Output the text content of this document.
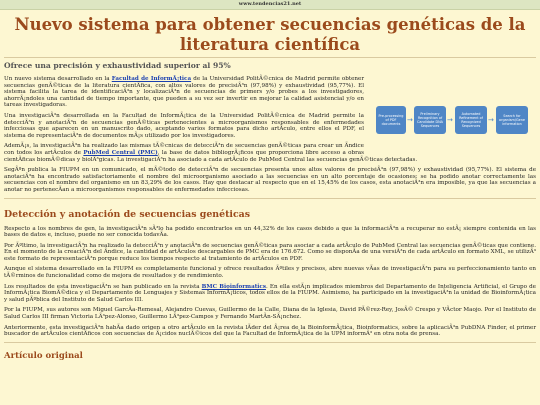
www.tendencias21.net
Nuevo sistema para obtener secuencias genéticas de la literatura científica
Ofrece una precisión y exhaustividad superior al 95%
Pre-processing of PDF documents →
Preliminary Recognition of Candidate DNA Sequences
→
Automated Refinement of Recognized Sequences
→	Search for organism/Gene information

Un nuevo sistema desarrollado en la Facultad de InformÃ¡tica de la Universidad PolitÃ©cnica de Madrid permite obtener secuencias genÃ©ticas de la literatura cientÃfica, con altos valores de precisiÃ³n (97,98%) y exhaustividad (95,77%). El sistema facilita la tarea de identificaciÃ³n y localizaciÃ³n de secuencias de primers y/o probes a los investigadores, ahorrÃ¡ndoles una cantidad de tiempo importante, que pueden a su vez ser invertir en mejorar la calidad asistencial y/o en tareas investigadoras.

Una investigaciÃ³n desarrollada en la Facultad de InformÃ¡tica de la Universidad PolitÃ©cnica de Madrid permite la detecciÃ³n y anotaciÃ³n de secuencias genÃ©ticas pertenecientes a microorganismos responsables de enfermedades infecciosas que aparecen en un manuscrito dado, aceptando varios formatos para dicho artÃculo, entre ellos el PDF, el sistema de representaciÃ³n de documentos mÃ¡s utilizado por los investigadores.

AdemÃ¡s, la investigaciÃ³n ha realizado las mismas tÃ©cnicas de detecciÃ³n de secuencias genÃ©ticas para crear un Ãndice con todos los artÃculos de PubMed Central (PMC), la base de datos bibliogrÃ¡ficos que proporciona libre acceso a obras cientÃficas biomÃ©dicas y biolÃ³gicas. La investigaciÃ³n ha asociado a cada artÃculo de PubMed Central las secuencias genÃ©ticas detectadas.

SegÃºn publica la FIUPM en un comunicado, el mÃ©todo de detecciÃ³n de secuencias presenta unos altos valores de precisiÃ³n (97,98%) y exhaustividad (95,77%). El sistema de anotaciÃ³n ha encontrado satisfactoriamente el nombre del microorganismo asociado a las secuencias en un alto porcentaje de ocasiones: se ha podido anotar correctamente las secuencias con el nombre del organismo en un 83,29% de los casos. Hay que destacar al respecto que en el 15,45% de los casos, esta anotaciÃ³n era imposible, ya que las secuencias a anotar no pertenecÃan a microorganismos responsables de enfermedades infecciosas.

Detección y anotación de secuencias genéticas

Respecto a los nombres de gen, la investigaciÃ³n sÃ³lo ha podido encontrarlos en un 44,32% de los casos debido a que la informaciÃ³n a recuperar no estÃ¡ siempre contenida en las bases de datos e, incluso, puede no ser conocida todavÃa.

Por Ãºltimo, la investigaciÃ³n ha realizado la detecciÃ³n y anotaciÃ³n de secuencias genÃ©ticas para asociar a cada artÃculo de PubMed Central las secuencias genÃ©ticas que contiene. En el momento de la creaciÃ³n del Ãndice, la cantidad de artÃculos descargables de PMC era de 176.672. Como se disponÃa de una versiÃ³n de cada artÃculo en formato XML, se utilizÃ³ este formato de representaciÃ³n porque reduce los tiempos respecto al tratamiento de artÃculos en PDF.

Aunque el sistema desarrollado en la FIUPM es completamente funcional y ofrece resultados Ãºtiles y precisos, abre nuevas vÃas de investigaciÃ³n para su perfeccionamiento tanto en tÃ©rminos de funcionalidad como de mejora de resultados y de rendimiento.

Los resultados de esta investigaciÃ³n se han publicado en la revista BMC Bioinformatics. En ella estÃ¡n implicados miembros del Departamento de Inteligencia Artificial, el Grupo de InformÃ¡tica BiomÃ©dica y el Departamento de Lenguajes y Sistemas InformÃ¡ticos, todos ellos de la FIUPM. Asimismo, ha participado en la investigaciÃ³n la unidad de BioinformÃ¡tica y salud pÃºblica del Instituto de Salud Carlos III.

Por la FIUPM, sus autores son Miguel GarcÃa-Remesal, Alejandro Cuevas, Guillermo de la Calle, Diana de la Iglesia, David PÃ©rez-Rey, JosÃ© Crespo y VÃctor Maojo. Por el Instituto de Salud Carlos III firman Victoria LÃ³pez-Alonso, Guillermo LÃ³pez-Campos y Fernando MartÃn-SÃ¡nchez.

Anteriormente, esta investigaciÃ³n habÃa dado origen a otro artÃculo en la revista lÃder del Ã¡rea de la BioinformÃ¡tica, Bioinformatics, sobre la aplicaciÃ³n PubDNA Finder, el primer buscador de artÃculos cientÃficos con secuencias de Ã¡cidos nuclÃ©icos del que la Facultad de InformÃ¡tica de la UPM informÃ³ en otra nota de prensa.

Artículo original
